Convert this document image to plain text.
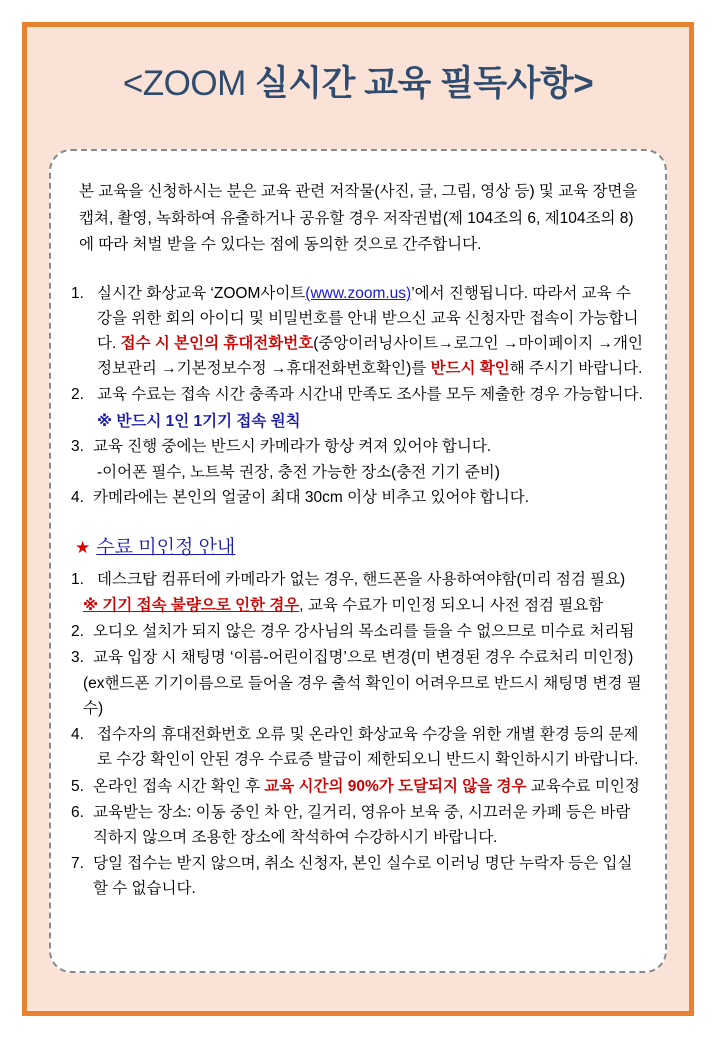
<ZOOM 실시간 교육 필독사항>

본 교육을 신청하시는 분은 교육 관련 저작물(사진, 글, 그림, 영상 등) 및 교육 장면을 캡쳐, 촬영, 녹화하여 유출하거나 공유할 경우 저작권법(제 104조의 6, 제104조의 8)에 따라 처벌 받을 수 있다는 점에 동의한 것으로 간주합니다.

1. 실시간 화상교육 ‘ZOOM사이트(www.zoom.us)’에서 진행됩니다. 따라서 교육 수강을 위한 회의 아이디 및 비밀번호를 안내 받으신 교육 신청자만 접속이 가능합니다. 접수 시 본인의 휴대전화번호(중앙이러닝사이트→로그인 →마이페이지 →개인정보관리 →기본정보수정 →휴대전화번호확인)를 반드시 확인해 주시기 바랍니다.
2. 교육 수료는 접속 시간 충족과 시간내 만족도 조사를 모두 제출한 경우 가능합니다.
※ 반드시 1인 1기기 접속 원칙
3. 교육 진행 중에는 반드시 카메라가 항상 켜져 있어야 합니다.
-이어폰 필수, 노트북 권장, 충전 가능한 장소(충전 기기 준비)
4. 카메라에는 본인의 얼굴이 최대 30cm 이상 비추고 있어야 합니다.
★ 수료 미인정 안내
1. 데스크탑 컴퓨터에 카메라가 없는 경우, 핸드폰을 사용하여야함(미리 점검 필요)
※ 기기 접속 불량으로 인한 경우, 교육 수료가 미인정 되오니 사전 점검 필요함
2. 오디오 설치가 되지 않은 경우 강사님의 목소리를 들을 수 없으므로 미수료 처리됨
3. 교육 입장 시 채팅명 ‘이름-어린이집명’으로 변경(미 변경된 경우 수료처리 미인정)
(ex핸드폰 기기이름으로 들어올 경우 출석 확인이 어려우므로 반드시 채팅명 변경 필수)
4. 접수자의 휴대전화번호 오류 및 온라인 화상교육 수강을 위한 개별 환경 등의 문제로 수강 확인이 안된 경우 수료증 발급이 제한되오니 반드시 확인하시기 바랍니다.
5. 온라인 접속 시간 확인 후 교육 시간의 90%가 도달되지 않을 경우 교육수료 미인정
6. 교육받는 장소: 이동 중인 차 안, 길거리, 영유아 보육 중, 시끄러운 카페 등은 바람직하지 않으며 조용한 장소에 착석하여 수강하시기 바랍니다.
7. 당일 접수는 받지 않으며, 취소 신청자, 본인 실수로 이러닝 명단 누락자 등은 입실 할 수 없습니다.
